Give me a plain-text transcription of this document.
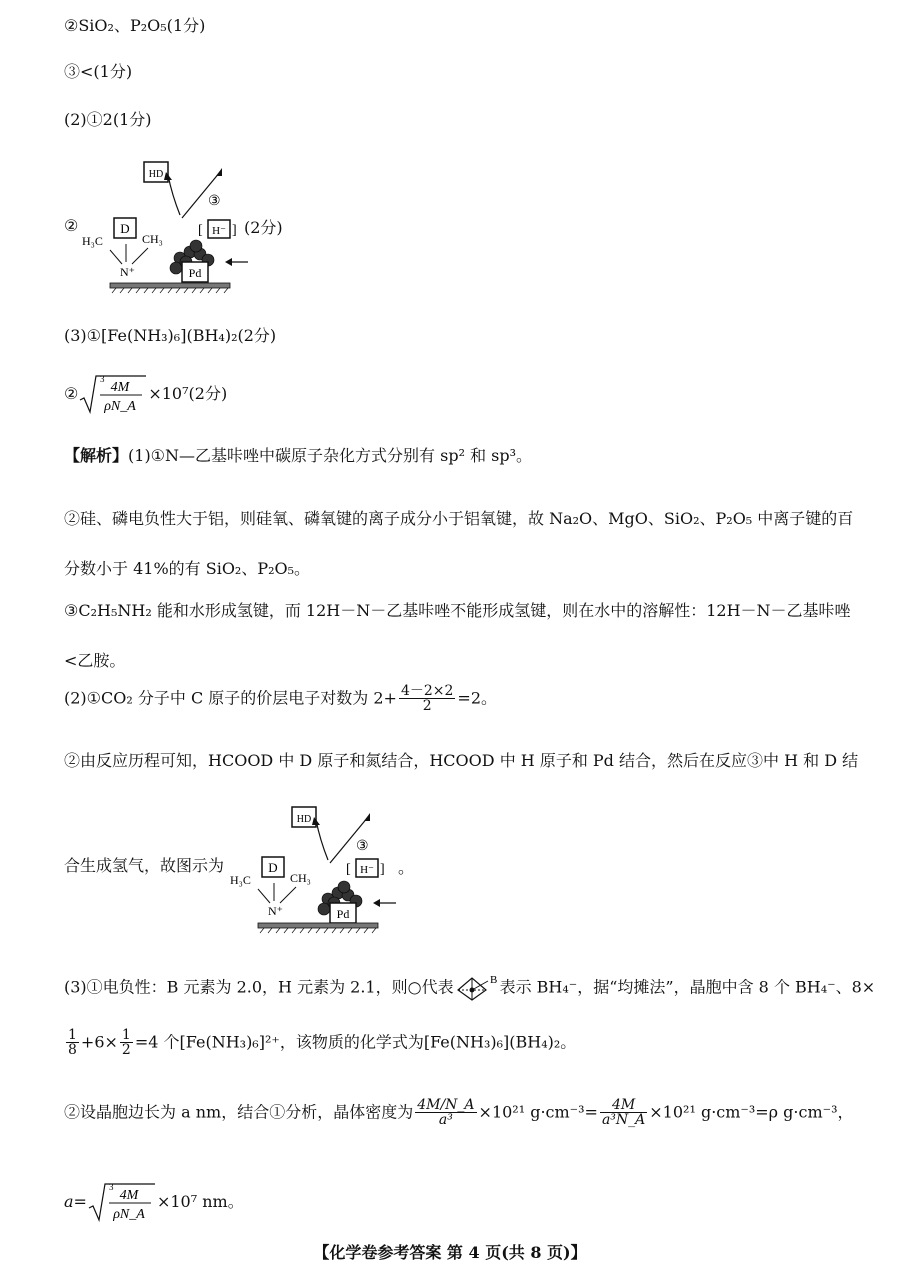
②SiO₂、P₂O₅(1分)
③<(1分)
(2)①2(1分)
②
HD
③
D
H₃C	CH₃
N⁺
[ H⁻ ]
Pd
(2分)
(3)①[Fe(NH₃)₆](BH₄)₂(2分)
②
3
4M
ρN_A
×10⁷(2分)
【解析】(1)①N—乙基咔唑中碳原子杂化方式分别有 sp² 和 sp³。
②硅、磷电负性大于铝，则硅氧、磷氧键的离子成分小于铝氧键，故 Na₂O、MgO、SiO₂、P₂O₅ 中离子键的百分数小于 41%的有 SiO₂、P₂O₅。
③C₂H₅NH₂ 能和水形成氢键，而 12H－N－乙基咔唑不能形成氢键，则在水中的溶解性：12H－N－乙基咔唑<乙胺。
(2)①CO₂ 分子中 C 原子的价层电子对数为 $2+ \frac{4-2\times 2}{2} =2$。
②由反应历程可知，HCOOD 中 D 原子和氮结合，HCOOD 中 H 原子和 Pd 结合，然后在反应③中 H 和 D 结
合生成氢气，故图示为
HD
③
D
H₃C	CH₃
N⁺
[ H⁻ ] 。
Pd
(3)①电负性：B 元素为 2.0，H 元素为 2.1，则○代表	B 表示 BH₄⁻，据“均摊法”，晶胞中含 8 个 BH₄⁻、8×
$\frac{1}{8} +6\times \frac{1}{2} =4$ 个[Fe(NH₃)₆]²⁺，该物质的化学式为[Fe(NH₃)₆](BH₄)₂。
②设晶胞边长为 a nm，结合①分析，晶体密度为 $\frac{4M/N\_A}{\text{a³}} \times 10^{21}$ $g\cdot cm^{-3}= \frac{4M}{\text{a³N\_A}} \times 10^{21}$ g·cm⁻³=ρ g·cm⁻³，
a=
3
4M
ρN_A
×10⁷ nm。
【化学卷参考答案 第 4 页(共 8 页)】
